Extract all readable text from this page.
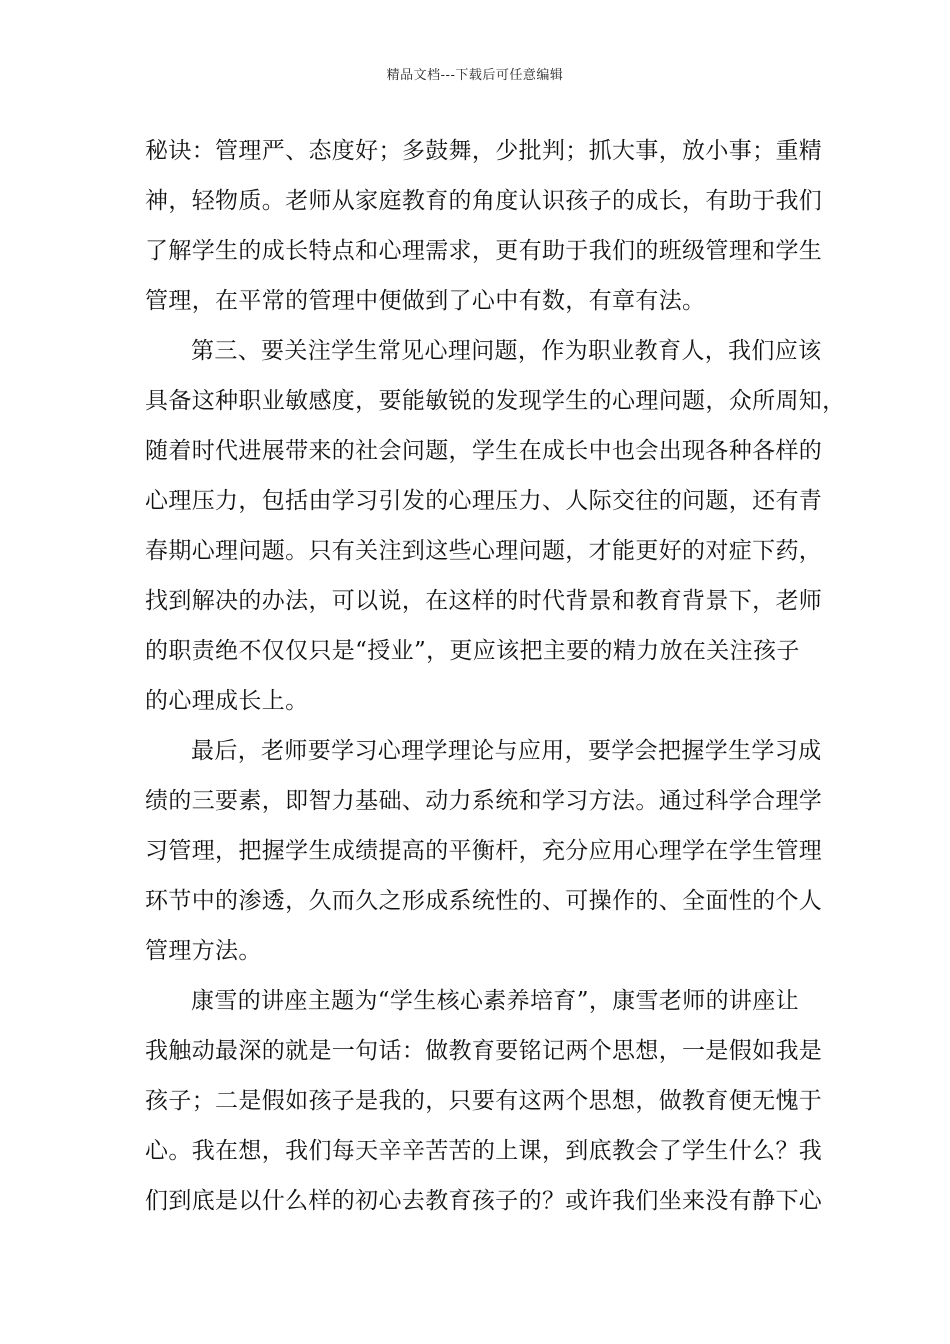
精品文档---下载后可任意编辑
秘诀：管理严、态度好；多鼓舞，少批判；抓大事，放小事；重精
神，轻物质。老师从家庭教育的角度认识孩子的成长，有助于我们
了解学生的成长特点和心理需求，更有助于我们的班级管理和学生
管理，在平常的管理中便做到了心中有数，有章有法。
第三、要关注学生常见心理问题，作为职业教育人，我们应该
具备这种职业敏感度，要能敏锐的发现学生的心理问题，众所周知，
随着时代进展带来的社会问题，学生在成长中也会出现各种各样的
心理压力，包括由学习引发的心理压力、人际交往的问题，还有青
春期心理问题。只有关注到这些心理问题，才能更好的对症下药，
找到解决的办法，可以说，在这样的时代背景和教育背景下，老师
的职责绝不仅仅只是“授业”，更应该把主要的精力放在关注孩子
的心理成长上。
最后，老师要学习心理学理论与应用，要学会把握学生学习成
绩的三要素，即智力基础、动力系统和学习方法。通过科学合理学
习管理，把握学生成绩提高的平衡杆，充分应用心理学在学生管理
环节中的渗透，久而久之形成系统性的、可操作的、全面性的个人
管理方法。
康雪的讲座主题为“学生核心素养培育”，康雪老师的讲座让
我触动最深的就是一句话：做教育要铭记两个思想，一是假如我是
孩子；二是假如孩子是我的，只要有这两个思想，做教育便无愧于
心。我在想，我们每天辛辛苦苦的上课，到底教会了学生什么？我
们到底是以什么样的初心去教育孩子的？或许我们坐来没有静下心
